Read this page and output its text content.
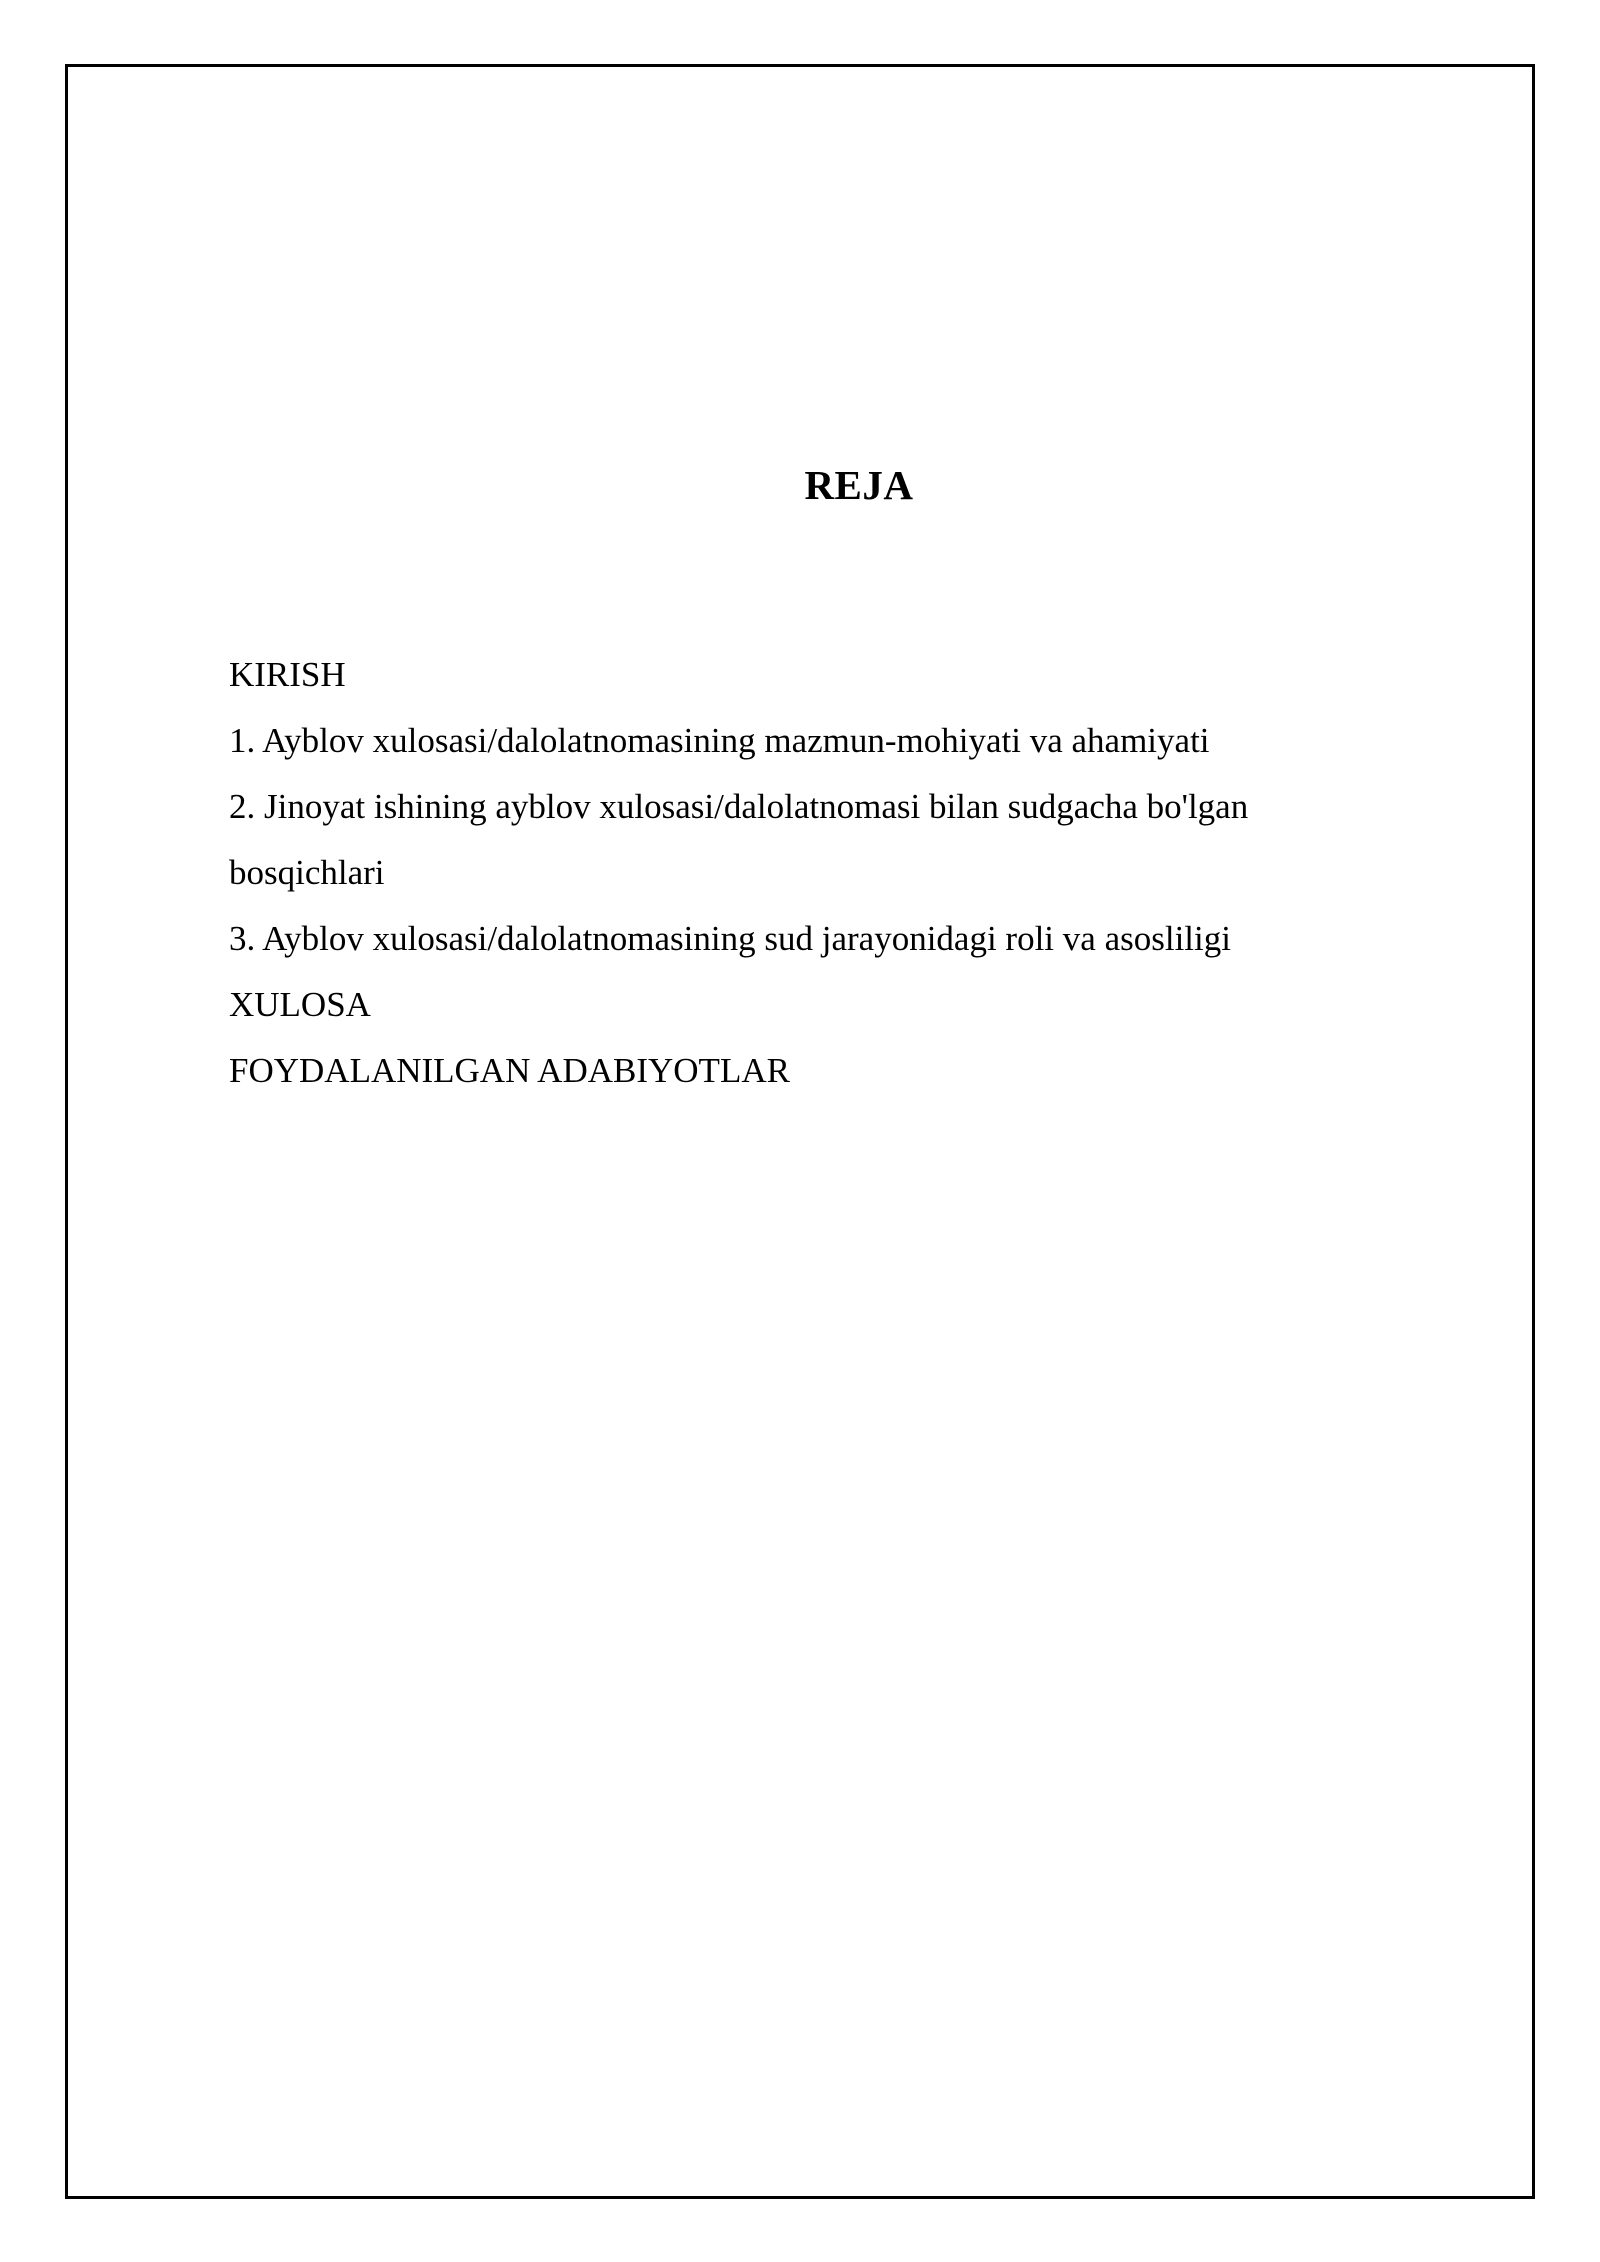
REJA
KIRISH
1. Ayblov xulosasi/dalolatnomasining mazmun-mohiyati va ahamiyati
2. Jinoyat ishining ayblov xulosasi/dalolatnomasi bilan sudgacha bo'lgan bosqichlari
3. Ayblov xulosasi/dalolatnomasining sud jarayonidagi roli va asosliligi
XULOSA
FOYDALANILGAN ADABIYOTLAR
